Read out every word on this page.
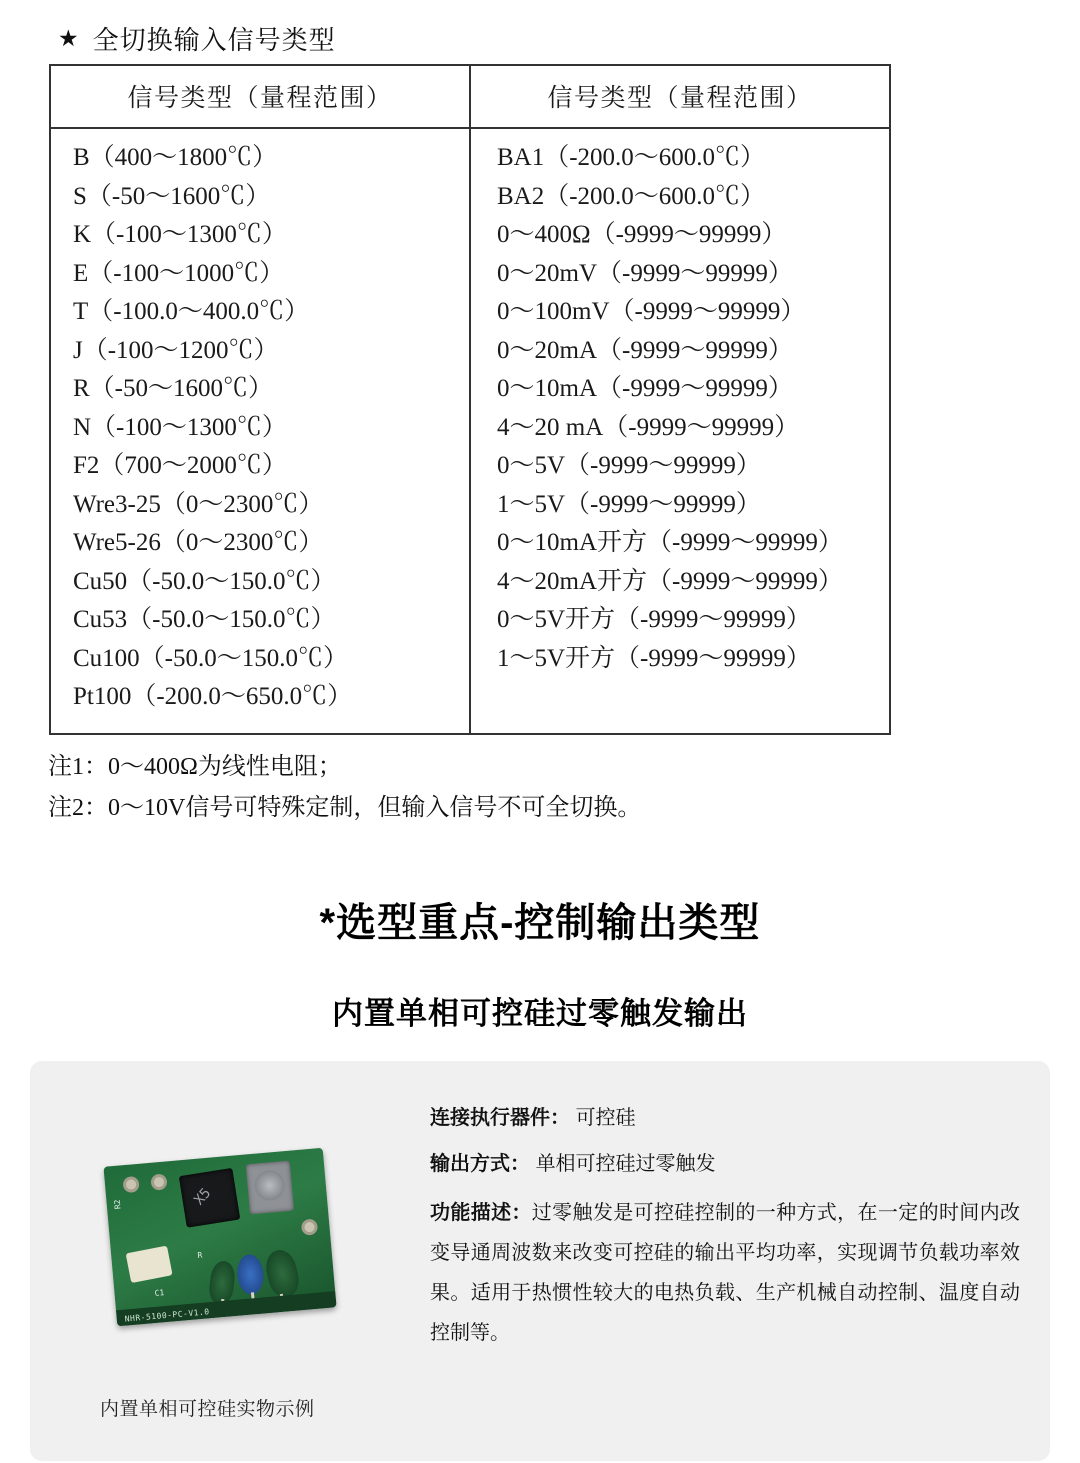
★ 全切换输入信号类型
信号类型（量程范围）	信号类型（量程范围）

B（400～1800℃）
S（-50～1600℃）
K（-100～1300℃）
E（-100～1000℃）
T（-100.0～400.0℃）
J（-100～1200℃）
R（-50～1600℃）
N（-100～1300℃）
F2（700～2000℃）
Wre3-25（0～2300℃）
Wre5-26（0～2300℃）
Cu50（-50.0～150.0℃）
Cu53（-50.0～150.0℃）
Cu100（-50.0～150.0℃）
Pt100（-200.0～650.0℃）

BA1（-200.0～600.0℃）
BA2（-200.0～600.0℃）
0～400Ω（-9999～99999）
0～20mV（-9999～99999）
0～100mV（-9999～99999）
0～20mA（-9999～99999）
0～10mA（-9999～99999）
4～20 mA（-9999～99999）
0～5V（-9999～99999）
1～5V（-9999～99999）
0～10mA开方（-9999～99999）
4～20mA开方（-9999～99999）
0～5V开方（-9999～99999）
1～5V开方（-9999～99999）
注1：0～400Ω为线性电阻；
注2：0～10V信号可特殊定制，但输入信号不可全切换。
*选型重点-控制输出类型
内置单相可控硅过零触发输出
R2	X5
R
C1
NHR-5100-PC-V1.0
内置单相可控硅实物示例
连接执行器件： 可控硅
输出方式： 单相可控硅过零触发
功能描述：过零触发是可控硅控制的一种方式，在一定的时间内改变导通周波数来改变可控硅的输出平均功率，实现调节负载功率效果。适用于热惯性较大的电热负载、生产机械自动控制、温度自动控制等。
